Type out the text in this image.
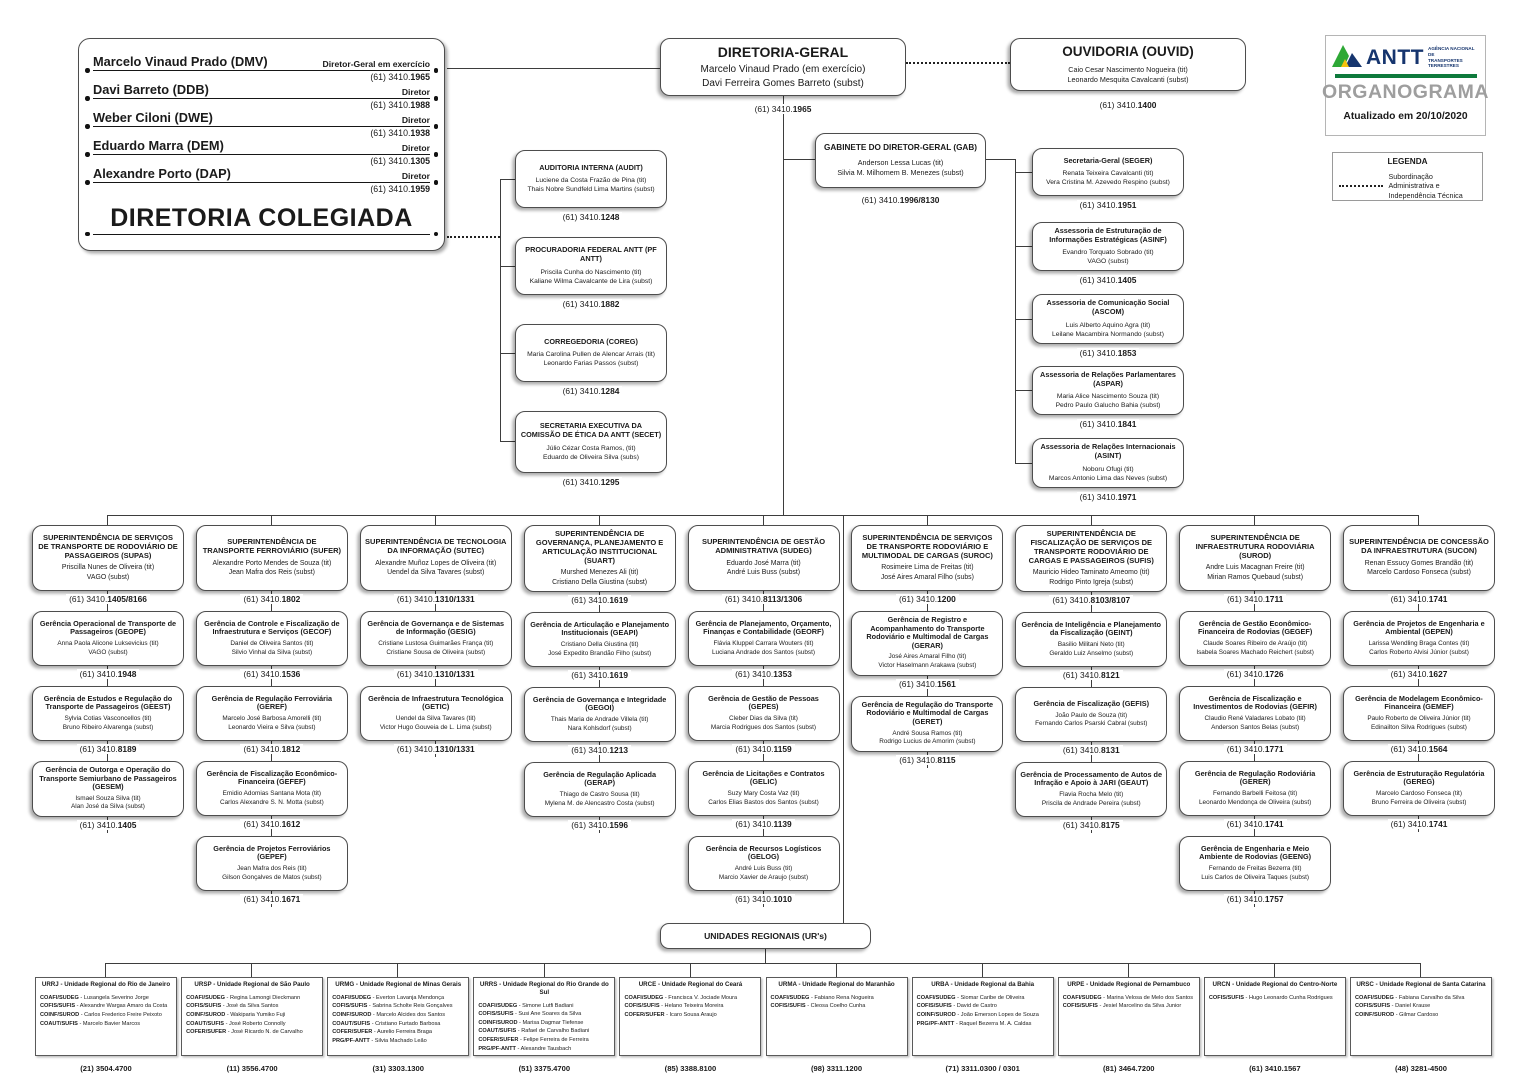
Marcelo Vinaud Prado (DMV)	Diretor-Geral em exercício
(61) 3410.1965
Davi Barreto (DDB)	Diretor
(61) 3410.1988
Weber Ciloni (DWE)	Diretor
(61) 3410.1938
Eduardo Marra (DEM)	Diretor
(61) 3410.1305
Alexandre Porto (DAP)	Diretor
(61) 3410.1959
DIRETORIA COLEGIADA
DIRETORIA-GERAL
Marcelo Vinaud Prado (em exercício)
Davi Ferreira Gomes Barreto (subst)
(61) 3410.1965
OUVIDORIA (OUVID)
Caio Cesar Nascimento Nogueira (tit)
Leonardo Mesquita Cavalcanti (subst)
(61) 3410.1400
GABINETE DO DIRETOR-GERAL (GAB)
Anderson Lessa Lucas (tit)
Silvia M. Milhomem B. Menezes (subst)
(61) 3410.1996/8130
AUDITORIA INTERNA (AUDIT)
Luciene da Costa Frazão de Pina (tit)
Thais Nobre Sundfeld Lima Martins (subst)
(61) 3410.1248
PROCURADORIA FEDERAL ANTT (PF ANTT)
Priscila Cunha do Nascimento (tit)
Kaliane Wilma Cavalcante de Lira (subst)
(61) 3410.1882
CORREGEDORIA (COREG)
Maria Carolina Pullen de Alencar Arrais (tit)
Leonardo Farias Passos (subst)
(61) 3410.1284
SECRETARIA EXECUTIVA DA COMISSÃO DE ÉTICA DA ANTT (SECET)
Júlio Cézar Costa Ramos, (tit)
Eduardo de Oliveira Silva (subs)
(61) 3410.1295
Secretaria-Geral (SEGER)
Renata Teixeira Cavalcanti (tit)
Vera Cristina M. Azevedo Respino (subst)
(61) 3410.1951
Assessoria de Estruturação de Informações Estratégicas (ASINF)
Evandro Torquato Sobrado (tit)
VAGO (subst)
(61) 3410.1405
Assessoria de Comunicação Social (ASCOM)
Luis Alberto Aquino Agra (tit)
Leilane Macambira Normando (subst)
(61) 3410.1853
Assessoria de Relações Parlamentares (ASPAR)
Maria Alice Nascimento Souza (tit)
Pedro Paulo Galucho Bahia (subst)
(61) 3410.1841
Assessoria de Relações Internacionais (ASINT)
Noboru Ofugi (tit)
Marcos Antonio Lima das Neves (subst)
(61) 3410.1971
ANTT AGÊNCIA NACIONAL DE
TRANSPORTES TERRESTRES
ORGANOGRAMA
Atualizado em 20/10/2020
LEGENDA
Subordinação Administrativa e Independência Técnica
SUPERINTENDÊNCIA DE SERVIÇOS DE TRANSPORTE DE RODOVIÁRIO DE PASSAGEIROS (SUPAS)
Priscilla Nunes de Oliveira (tit)
VAGO (subst)
(61) 3410.1405/8166
Gerência Operacional de Transporte de Passageiros (GEOPE)
Anna Paola Alicone Luksevicius (tit)
VAGO (subst)
(61) 3410.1948
Gerência de Estudos e Regulação do Transporte de Passageiros (GEEST)
Sylvia Cotias Vasconcellos (tit)
Bruno Ribeiro Alvarenga (subst)
(61) 3410.8189
Gerência de Outorga e Operação do Transporte Semiurbano de Passageiros (GESEM)
Ismael Souza Silva (tit)
Alan José da Silva (subst)
(61) 3410.1405
SUPERINTENDÊNCIA DE TRANSPORTE FERROVIÁRIO (SUFER)
Alexandre Porto Mendes de Souza (tit)
Jean Mafra dos Reis (subst)
(61) 3410.1802
Gerência de Controle e Fiscalização de Infraestrutura e Serviços (GECOF)
Daniel de Oliveira Santos (tit)
Silvio Vinhal da Silva (subst)
(61) 3410.1536
Gerência de Regulação Ferroviária (GEREF)
Marcelo José Barbosa Amorelli (tit)
Leonardo Vieira e Silva (subst)
(61) 3410.1812
Gerência de Fiscalização Econômico-Financeira (GEFEF)
Emidio Adomias Santana Mota (tit)
Carlos Alexandre S. N. Motta (subst)
(61) 3410.1612
Gerência de Projetos Ferroviários (GEPEF)
Jean Mafra dos Reis (tit)
Gilson Gonçalves de Matos (subst)
(61) 3410.1671
SUPERINTENDÊNCIA DE TECNOLOGIA DA INFORMAÇÃO (SUTEC)
Alexandre Muñoz Lopes de Oliveira (tit)
Uendel da Silva Tavares (subst)
(61) 3410.1310/1331
Gerência de Governança e de Sistemas de Informação (GESIG)
Cristiane Lustosa Guimarães França (tit)
Cristiane Sousa de Oliveira (subst)
(61) 3410.1310/1331
Gerência de Infraestrutura Tecnológica (GETIC)
Uendel da Silva Tavares (tit)
Victor Hugo Gouveia de L. Lima (subst)
(61) 3410.1310/1331
SUPERINTENDÊNCIA DE GOVERNANÇA, PLANEJAMENTO E ARTICULAÇÃO INSTITUCIONAL (SUART)
Murshed Menezes Ali (tit)
Cristiano Della Giustina (subst)
(61) 3410.1619
Gerência de Articulação e Planejamento Institucionais (GEAPI)
Cristiano Della Giustina (tit)
José Expedito Brandão Filho (subst)
(61) 3410.1619
Gerência de Governança e Integridade (GEGOI)
Thais Maria de Andrade Villela (tit)
Nara Kohlsdorf (subst)
(61) 3410.1213
Gerência de Regulação Aplicada (GERAP)
Thiago de Castro Sousa (tit)
Mylena M. de Alencastro Costa (subst)
(61) 3410.1596
SUPERINTENDÊNCIA DE GESTÃO ADMINISTRATIVA (SUDEG)
Eduardo José Marra (tit)
André Luis Buss (subst)
(61) 3410.8113/1306
Gerência de Planejamento, Orçamento, Finanças e Contabilidade (GEORF)
Flávia Kluppel Carrara Wouters (tit)
Luciana Andrade dos Santos (subst)
(61) 3410.1353
Gerência de Gestão de Pessoas (GEPES)
Cleber Dias da Silva (tit)
Marcia Rodrigues dos Santos (subst)
(61) 3410.1159
Gerência de Licitações e Contratos (GELIC)
Suzy Mary Costa Vaz (tit)
Carlos Elias Bastos dos Santos (subst)
(61) 3410.1139
Gerência de Recursos Logísticos (GELOG)
André Luis Buss (tit)
Marcio Xavier de Araujo (subst)
(61) 3410.1010
SUPERINTENDÊNCIA DE SERVIÇOS DE TRANSPORTE RODOVIÁRIO E MULTIMODAL DE CARGAS (SUROC)
Rosimeire Lima de Freitas (tit)
José Aires Amaral Filho (subs)
(61) 3410.1200
Gerência de Registro e Acompanhamento do Transporte Rodoviário e Multimodal de Cargas (GERAR)
José Aires Amaral Filho (tit)
Victor Haselmann Arakawa (subst)
(61) 3410.1561
Gerência de Regulação do Transporte Rodoviário e Multimodal de Cargas (GERET)
André Sousa Ramos (tit)
Rodrigo Lucius de Amorim (subst)
(61) 3410.8115
SUPERINTENDÊNCIA DE FISCALIZAÇÃO DE SERVIÇOS DE TRANSPORTE RODOVIÁRIO DE CARGAS E PASSAGEIROS (SUFIS)
Mauricio Hideo Taminato Ameomo (tit)
Rodrigo Pinto Igreja (subst)
(61) 3410.8103/8107
Gerência de Inteligência e Planejamento da Fiscalização (GEINT)
Basilio Militani Neto (tit)
Geraldo Luiz Anselmo (subst)
(61) 3410.8121
Gerência de Fiscalização (GEFIS)
João Paulo de Souza (tit)
Fernando Carlos Psarski Cabral (subst)
(61) 3410.8131
Gerência de Processamento de Autos de Infração e Apoio à JARI (GEAUT)
Flavia Rocha Melo (tit)
Priscila de Andrade Pereira (subst)
(61) 3410.8175
SUPERINTENDÊNCIA DE INFRAESTRUTURA RODOVIÁRIA (SUROD)
Andre Luis Macagnan Freire (tit)
Mirian Ramos Quebaud (subst)
(61) 3410.1711
Gerência de Gestão Econômico-Financeira de Rodovias (GEGEF)
Claude Soares Ribeiro de Araújo (tit)
Isabela Soares Machado Reichert (subst)
(61) 3410.1726
Gerência de Fiscalização e Investimentos de Rodovias (GEFIR)
Claudio René Valadares Lobato (tit)
Anderson Santos Belas (subst)
(61) 3410.1771
Gerência de Regulação Rodoviária (GERER)
Fernando Barbelli Feitosa (tit)
Leonardo Mendonça de Oliveira (subst)
(61) 3410.1741
Gerência de Engenharia e Meio Ambiente de Rodovias (GEENG)
Fernando de Freitas Bezerra (tit)
Luis Carlos de Oliveira Taques (subst)
(61) 3410.1757
SUPERINTENDÊNCIA DE CONCESSÃO DA INFRAESTRUTURA (SUCON)
Renan Essucy Gomes Brandão (tit)
Marcelo Cardoso Fonseca (subst)
(61) 3410.1741
Gerência de Projetos de Engenharia e Ambiental (GEPEN)
Larissa Wendling Braga Contes (tit)
Carlos Roberto Alvisi Júnior (subst)
(61) 3410.1627
Gerência de Modelagem Econômico-Financeira (GEMEF)
Paulo Roberto de Oliveira Júnior (tit)
Edinailton Silva Rodrigues (subst)
(61) 3410.1564
Gerência de Estruturação Regulatória (GEREG)
Marcelo Cardoso Fonseca (tit)
Bruno Ferreira de Oliveira (subst)
(61) 3410.1741
UNIDADES REGIONAIS (UR's)
URRJ - Unidade Regional do Rio de Janeiro
COAFI/SUDEG - Lusangela Severino Jorge
COFIS/SUFIS - Alexandre Wargas Amaro da Costa
COINF/SUROD - Carlos Frederico Freire Peixoto
COAUT/SUFIS - Marcelo Bavier Marcos
(21) 3504.4700
URSP - Unidade Regional de São Paulo
COAFI/SUDEG - Regina Lamongi Dieckmann
COFIS/SUFIS - José da Silva Santos
COINF/SUROD - Wakiparia Yumiko Fuji
COAUT/SUFIS - José Roberto Connolly
COFER/SUFER - José Ricardo N. de Carvalho
(11) 3556.4700
URMG - Unidade Regional de Minas Gerais
COAFI/SUDEG - Everton Lavanja Mendonça
COFIS/SUFIS - Sabrina Scholte Reis Gonçalves
COINF/SUROD - Marcelo Alcides dos Santos
COAUT/SUFIS - Cristiano Furtado Barbosa
COFER/SUFER - Aurelio Ferreira Braga
PRG/PF-ANTT - Silvia Machado Leão
(31) 3303.1300
URRS - Unidade Regional do Rio Grande do Sul
COAFI/SUDEG - Simone Lutfi Badiani
COFIS/SUFIS - Susi Ane Soares da Silva
COINF/SUROD - Marisa Dagmar Tiefense
COAUT/SUFIS - Rafael de Carvalho Badiani
COFER/SUFER - Felipe Ferreira de Ferreira
PRG/PF-ANTT - Alexandre Tausbach
(51) 3375.4700
URCE - Unidade Regional do Ceará
COAFI/SUDEG - Francisca V. Jociade Moura
COFIS/SUFIS - Helano Teixeira Moreira
COFER/SUFER - Icaro Sousa Araujo
(85) 3388.8100
URMA - Unidade Regional do Maranhão
COAFI/SUDEG - Fabiano Rena Nogueira
COFIS/SUFIS - Cleosa Coelho Cunha
(98) 3311.1200
URBA - Unidade Regional da Bahia
COAFI/SUDEG - Siomar Caribe de Oliveira
COFIS/SUFIS - David de Castro
COINF/SUROD - João Emerson Lopes de Souza
PRG/PF-ANTT - Raquel Bezerra M. A. Caldas
(71) 3311.0300 / 0301
URPE - Unidade Regional de Pernambuco
COAFI/SUDEG - Marina Velosa de Melo dos Santos
COFIS/SUFIS - Jesiel Marcelino da Silva Junior
(81) 3464.7200
URCN - Unidade Regional do Centro-Norte
COFIS/SUFIS - Hugo Leonardo Cunha Rodrigues
(61) 3410.1567
URSC - Unidade Regional de Santa Catarina
COAFI/SUDEG - Fabiana Carvalho da Silva
COFIS/SUFIS - Daniel Krause
COINF/SUROD - Gilmar Cardoso
(48) 3281-4500
